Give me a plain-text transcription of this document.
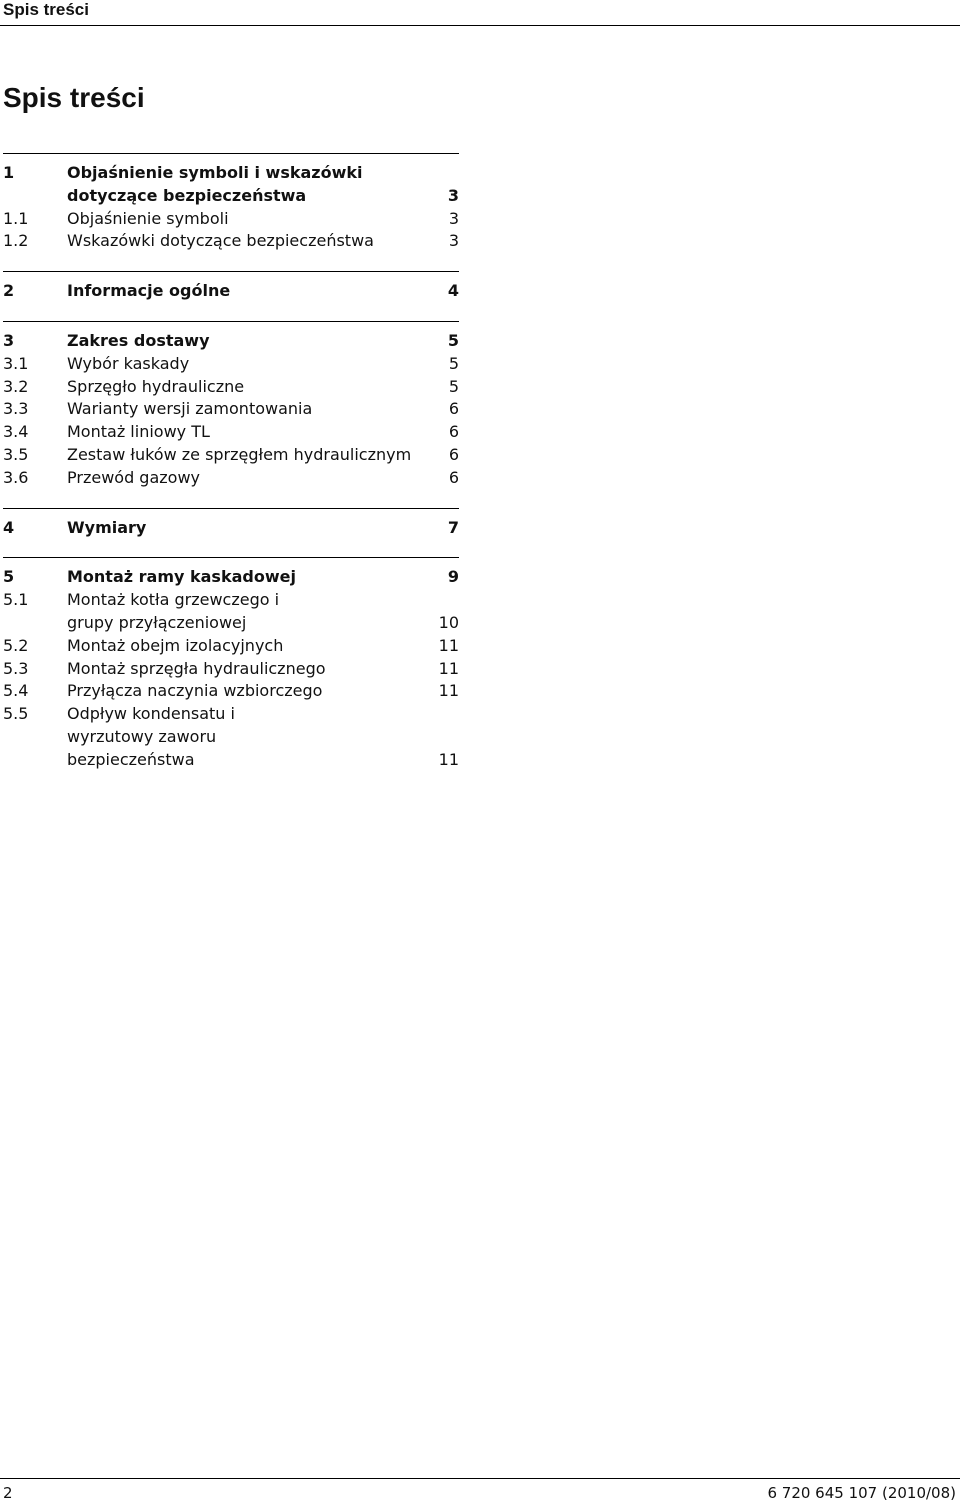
Spis treści
Spis treści
1	Objaśnienie symboli i wskazówki dotyczące bezpieczeństwa	3
1.1	Objaśnienie symboli	3
1.2	Wskazówki dotyczące bezpieczeństwa	3
2	Informacje ogólne	4
3	Zakres dostawy	5
3.1	Wybór kaskady	5
3.2	Sprzęgło hydrauliczne	5
3.3	Warianty wersji zamontowania	6
3.4	Montaż liniowy TL	6
3.5	Zestaw łuków ze sprzęgłem hydraulicznym	6
3.6	Przewód gazowy	6
4	Wymiary	7
5	Montaż ramy kaskadowej	9
5.1	Montaż kotła grzewczego i grupy przyłączeniowej	10
5.2	Montaż obejm izolacyjnych	11
5.3	Montaż sprzęgła hydraulicznego	11
5.4	Przyłącza naczynia wzbiorczego	11
5.5	Odpływ kondensatu i wyrzutowy zaworu bezpieczeństwa	11
2	6 720 645 107 (2010/08)
